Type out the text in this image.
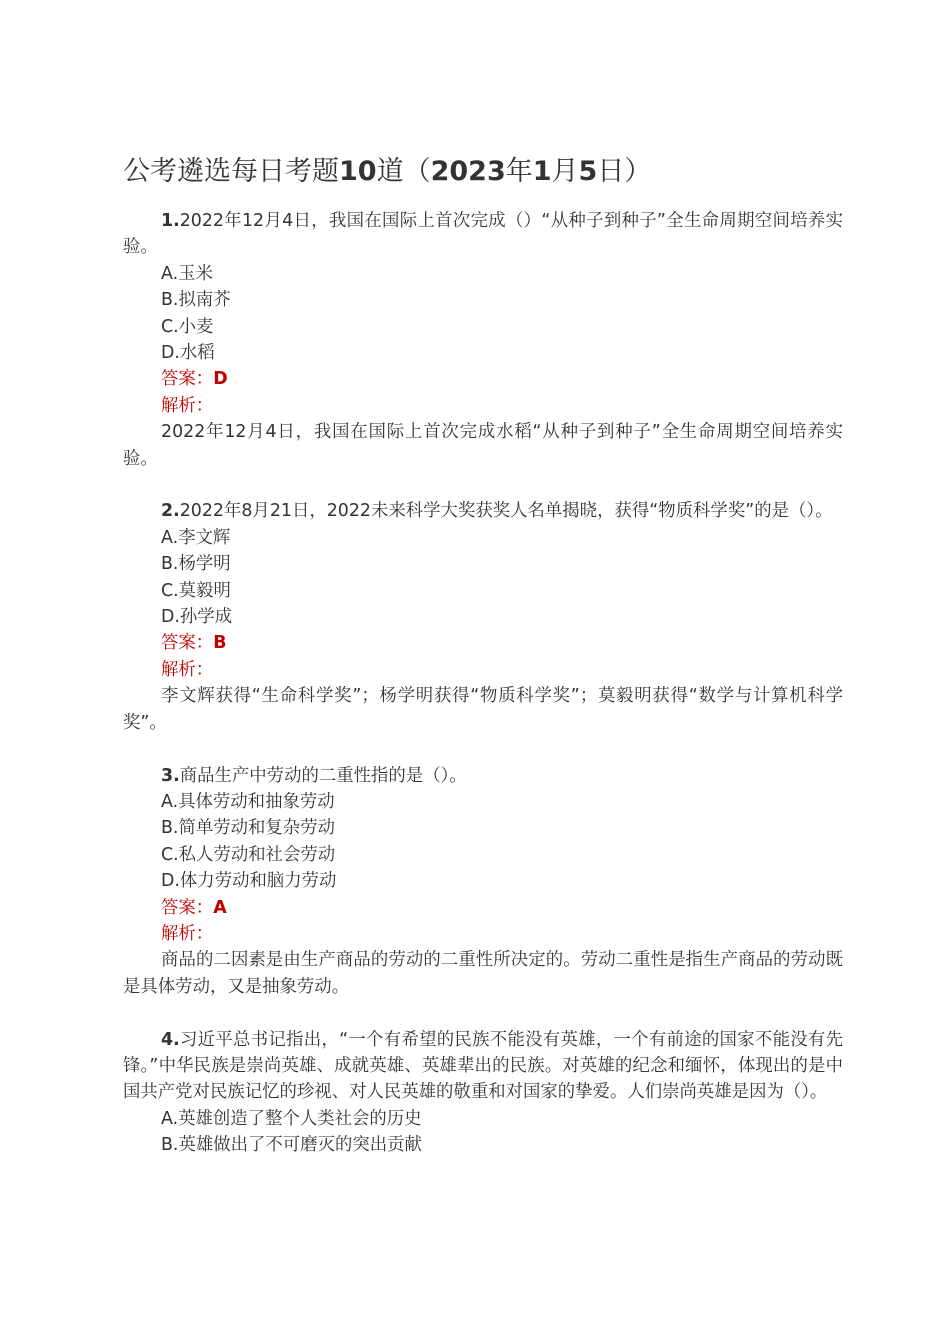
公考遴选每日考题10道（2023年1月5日）

1.2022年12月4日，我国在国际上首次完成（）“从种子到种子”全生命周期空间培养实验。

A.玉米

B.拟南芥

C.小麦

D.水稻

答案：D

解析：

2022年12月4日，我国在国际上首次完成水稻“从种子到种子”全生命周期空间培养实验。

2.2022年8月21日，2022未来科学大奖获奖人名单揭晓，获得“物质科学奖”的是（）。

A.李文辉

B.杨学明

C.莫毅明

D.孙学成

答案：B

解析：

李文辉获得“生命科学奖”；杨学明获得“物质科学奖”；莫毅明获得“数学与计算机科学奖”。

3.商品生产中劳动的二重性指的是（）。

A.具体劳动和抽象劳动

B.简单劳动和复杂劳动

C.私人劳动和社会劳动

D.体力劳动和脑力劳动

答案：A

解析：

商品的二因素是由生产商品的劳动的二重性所决定的。劳动二重性是指生产商品的劳动既是具体劳动，又是抽象劳动。

4.习近平总书记指出，“一个有希望的民族不能没有英雄，一个有前途的国家不能没有先锋。”中华民族是崇尚英雄、成就英雄、英雄辈出的民族。对英雄的纪念和缅怀，体现出的是中国共产党对民族记忆的珍视、对人民英雄的敬重和对国家的挚爱。人们崇尚英雄是因为（）。

A.英雄创造了整个人类社会的历史

B.英雄做出了不可磨灭的突出贡献
